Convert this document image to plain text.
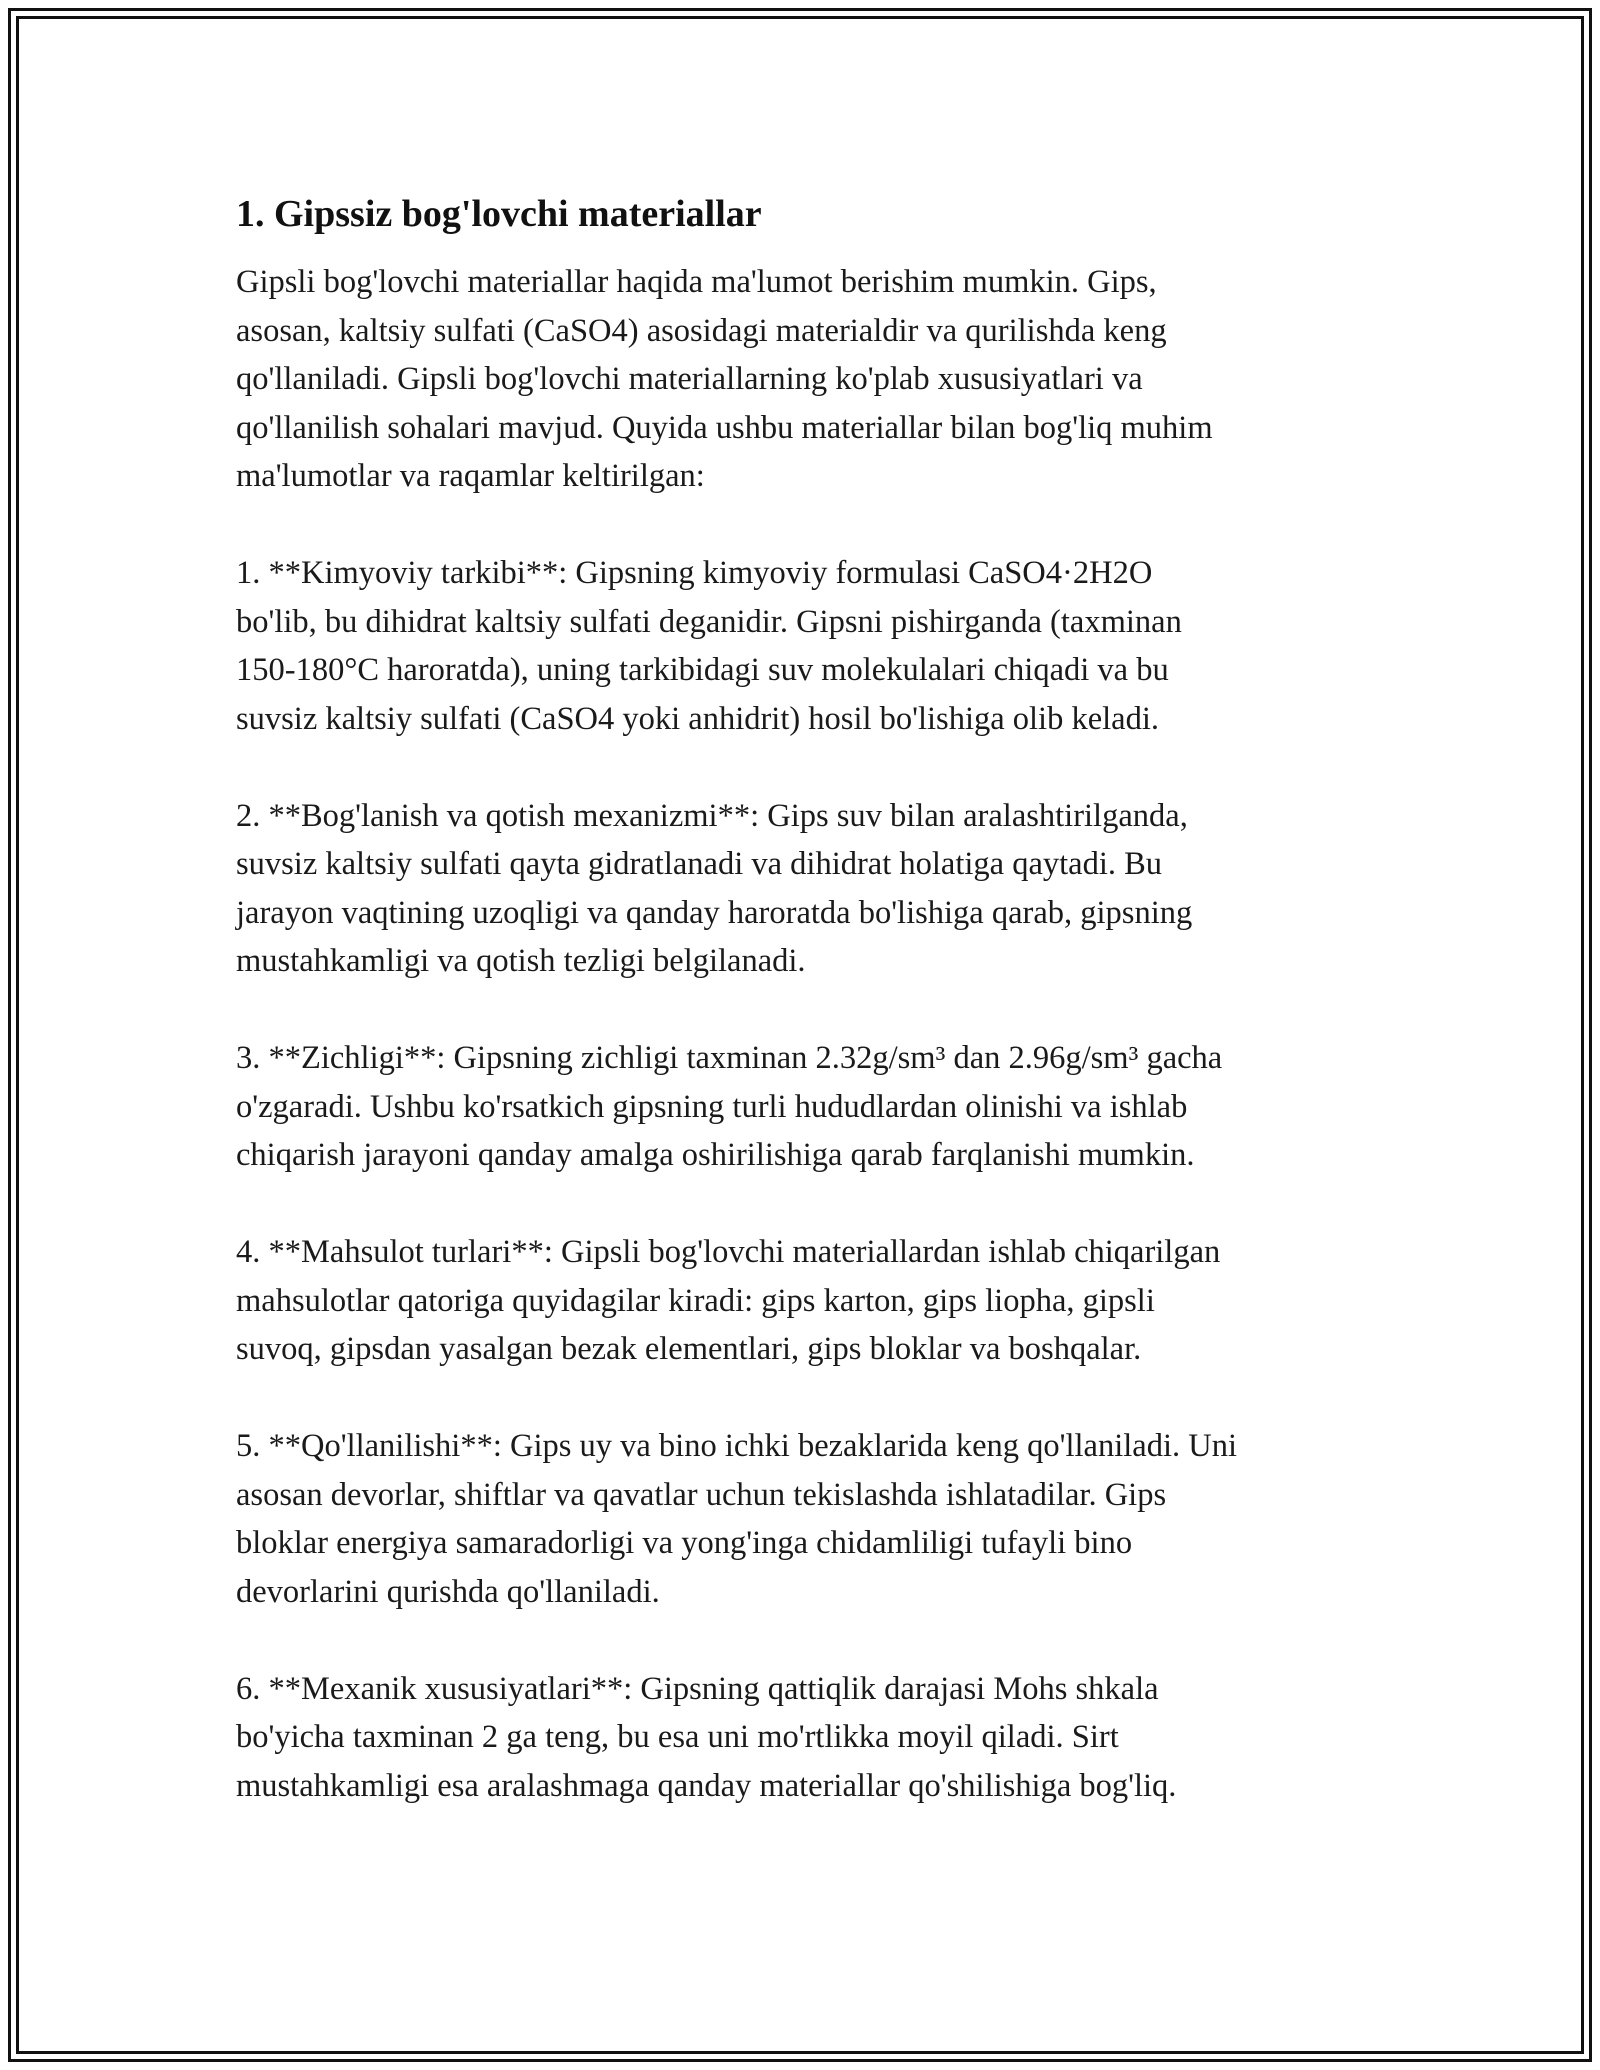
1. Gipssiz bog'lovchi materiallar

Gipsli bog'lovchi materiallar haqida ma'lumot berishim mumkin. Gips,
asosan, kaltsiy sulfati (CaSO4) asosidagi materialdir va qurilishda keng
qo'llaniladi. Gipsli bog'lovchi materiallarning ko'plab xususiyatlari va
qo'llanilish sohalari mavjud. Quyida ushbu materiallar bilan bog'liq muhim
ma'lumotlar va raqamlar keltirilgan:

1. **Kimyoviy tarkibi**: Gipsning kimyoviy formulasi CaSO4·2H2O
bo'lib, bu dihidrat kaltsiy sulfati deganidir. Gipsni pishirganda (taxminan
150-180°C haroratda), uning tarkibidagi suv molekulalari chiqadi va bu
suvsiz kaltsiy sulfati (CaSO4 yoki anhidrit) hosil bo'lishiga olib keladi.

2. **Bog'lanish va qotish mexanizmi**: Gips suv bilan aralashtirilganda,
suvsiz kaltsiy sulfati qayta gidratlanadi va dihidrat holatiga qaytadi. Bu
jarayon vaqtining uzoqligi va qanday haroratda bo'lishiga qarab, gipsning
mustahkamligi va qotish tezligi belgilanadi.

3. **Zichligi**: Gipsning zichligi taxminan 2.32g/sm³ dan 2.96g/sm³ gacha
o'zgaradi. Ushbu ko'rsatkich gipsning turli hududlardan olinishi va ishlab
chiqarish jarayoni qanday amalga oshirilishiga qarab farqlanishi mumkin.

4. **Mahsulot turlari**: Gipsli bog'lovchi materiallardan ishlab chiqarilgan
mahsulotlar qatoriga quyidagilar kiradi: gips karton, gips liopha, gipsli
suvoq, gipsdan yasalgan bezak elementlari, gips bloklar va boshqalar.

5. **Qo'llanilishi**: Gips uy va bino ichki bezaklarida keng qo'llaniladi. Uni
asosan devorlar, shiftlar va qavatlar uchun tekislashda ishlatadilar. Gips
bloklar energiya samaradorligi va yong'inga chidamliligi tufayli bino
devorlarini qurishda qo'llaniladi.

6. **Mexanik xususiyatlari**: Gipsning qattiqlik darajasi Mohs shkala
bo'yicha taxminan 2 ga teng, bu esa uni mo'rtlikka moyil qiladi. Sirt
mustahkamligi esa aralashmaga qanday materiallar qo'shilishiga bog'liq.
